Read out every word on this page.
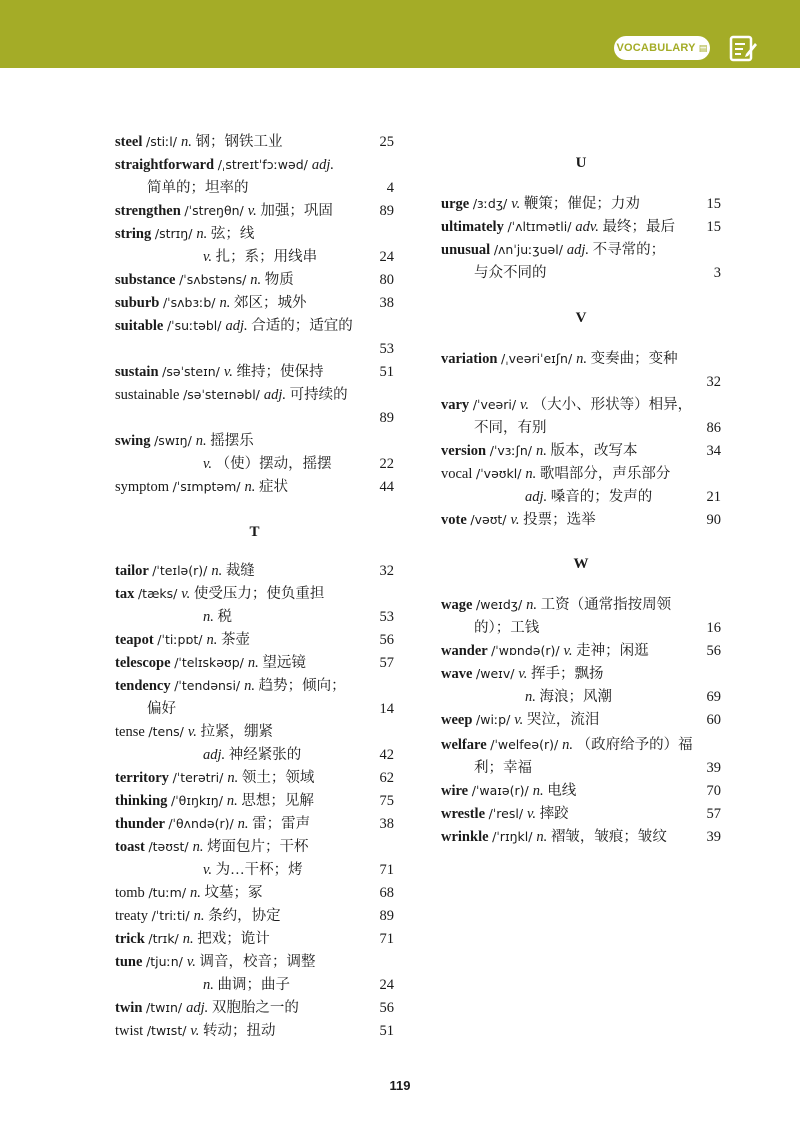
VOCABULARY ▤
steel /stiːl/ n. 钢；钢铁工业	25
straightforward /ˌstreɪtˈfɔːwəd/ adj.
简单的；坦率的	4
strengthen /ˈstreŋθn/ v. 加强；巩固	89
string /strɪŋ/ n. 弦；线
v. 扎；系；用线串	24
substance /ˈsʌbstəns/ n. 物质	80
suburb /ˈsʌbɜːb/ n. 郊区；城外	38
suitable /ˈsuːtəbl/ adj. 合适的；适宜的
53
sustain /səˈsteɪn/ v. 维持；使保持	51
sustainable /səˈsteɪnəbl/ adj. 可持续的
89
swing /swɪŋ/ n. 摇摆乐
v. （使）摆动，摇摆	22
symptom /ˈsɪmptəm/ n. 症状	44
T
tailor /ˈteɪlə(r)/ n. 裁缝	32
tax /tæks/ v. 使受压力；使负重担
n. 税	53
teapot /ˈtiːpɒt/ n. 茶壶	56
telescope /ˈtelɪskəʊp/ n. 望远镜	57
tendency /ˈtendənsi/ n. 趋势；倾向；
偏好	14
tense /tens/ v. 拉紧，绷紧
adj. 神经紧张的	42
territory /ˈterətri/ n. 领土；领域	62
thinking /ˈθɪŋkɪŋ/ n. 思想；见解	75
thunder /ˈθʌndə(r)/ n. 雷；雷声	38
toast /təʊst/ n. 烤面包片；干杯
v. 为…干杯；烤	71
tomb /tuːm/ n. 坟墓；冢	68
treaty /ˈtriːti/ n. 条约，协定	89
trick /trɪk/ n. 把戏；诡计	71
tune /tjuːn/ v. 调音，校音；调整
n. 曲调；曲子	24
twin /twɪn/ adj. 双胞胎之一的	56
twist /twɪst/ v. 转动；扭动	51
U
urge /ɜːdʒ/ v. 鞭策；催促；力劝	15
ultimately /ˈʌltɪmətli/ adv. 最终；最后 15
unusual /ʌnˈjuːʒuəl/ adj. 不寻常的；
与众不同的	3
V
variation /ˌveəriˈeɪʃn/ n. 变奏曲；变种
32
vary /ˈveəri/ v. （大小、形状等）相异，
不同，有别	86
version /ˈvɜːʃn/ n. 版本，改写本	34
vocal /ˈvəʊkl/ n. 歌唱部分，声乐部分
adj. 嗓音的；发声的	21
vote /vəʊt/ v. 投票；选举	90
W
wage /weɪdʒ/ n. 工资（通常指按周领
的）；工钱	16
wander /ˈwɒndə(r)/ v. 走神；闲逛	56
wave /weɪv/ v. 挥手；飘扬
n. 海浪；风潮	69
weep /wiːp/ v. 哭泣，流泪	60
welfare /ˈwelfeə(r)/ n. （政府给予的）福
利；幸福	39
wire /ˈwaɪə(r)/ n. 电线	70
wrestle /ˈresl/ v. 摔跤	57
wrinkle /ˈrɪŋkl/ n. 褶皱，皱痕；皱纹	39
119
